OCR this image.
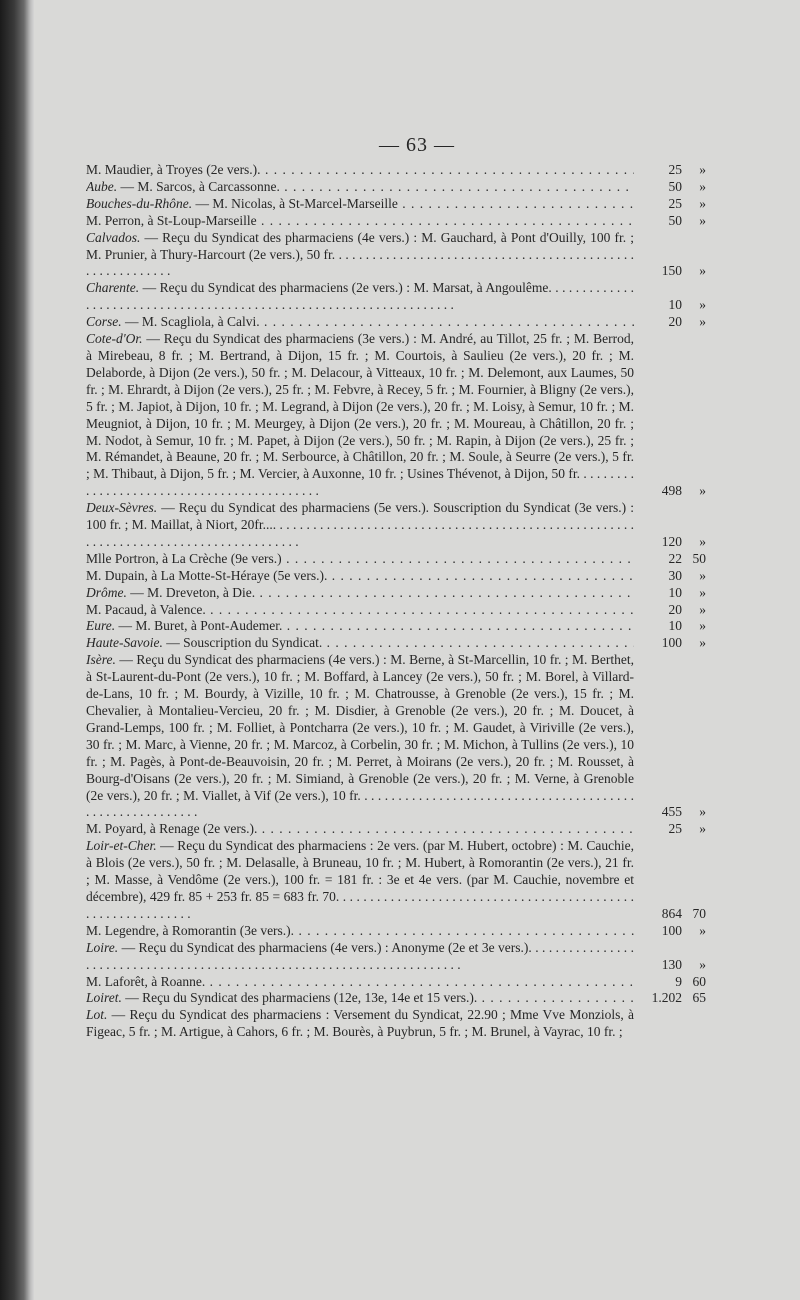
— 63 —
M. Maudier, à Troyes (2e vers.). . . .	25 »
Aube. — M. Sarcos, à Carcassonne. . . .	50 »
Bouches-du-Rhône. — M. Nicolas, à St-Marcel-Marseille . . .	25 »
M. Perron, à St-Loup-Marseille . . .	50 »
Calvados. — Reçu du Syndicat des pharmaciens (4e vers.) : M. Gauchard, à Pont d'Ouilly, 100 fr. ; M. Prunier, à Thury-Harcourt (2e vers.), 50 fr. . . . . . . . . . . . . . . . . . . . . . . . . . . . . . . . . . . . . . . . . . . . . . . . . . . . . . . . . .	150 »
Charente. — Reçu du Syndicat des pharmaciens (2e vers.) : M. Marsat, à Angoulême. . . . . . . . . . . . . . . . . . . . . . . . . . . . . . . . . . . . . . . . . . . . . . . . . . . . . . . . . . . . . . . . . . . .	10 »
Corse. — M. Scagliola, à Calvi. . . .	20 »
Cote-d'Or. — Reçu du Syndicat des pharmaciens (3e vers.) : M. André, au Tillot, 25 fr. ; M. Berrod, à Mirebeau, 8 fr. ; M. Bertrand, à Dijon, 15 fr. ; M. Courtois, à Saulieu (2e vers.), 20 fr. ; M. Delaborde, à Dijon (2e vers.), 50 fr. ; M. Delacour, à Vitteaux, 10 fr. ; M. Delemont, aux Laumes, 50 fr. ; M. Ehrardt, à Dijon (2e vers.), 25 fr. ; M. Febvre, à Recey, 5 fr. ; M. Fournier, à Bligny (2e vers.), 5 fr. ; M. Japiot, à Dijon, 10 fr. ; M. Legrand, à Dijon (2e vers.), 20 fr. ; M. Loisy, à Semur, 10 fr. ; M. Meugniot, à Dijon, 10 fr. ; M. Meurgey, à Dijon (2e vers.), 20 fr. ; M. Moureau, à Châtillon, 20 fr. ; M. Nodot, à Semur, 10 fr. ; M. Papet, à Dijon (2e vers.), 50 fr. ; M. Rapin, à Dijon (2e vers.), 25 fr. ; M. Rémandet, à Beaune, 20 fr. ; M. Serbource, à Châtillon, 20 fr. ; M. Soule, à Seurre (2e vers.), 5 fr. ; M. Thibaut, à Dijon, 5 fr. ; M. Vercier, à Auxonne, 10 fr. ; Usines Thévenot, à Dijon, 50 fr. . . . . . . . . . . . . . . . . . . . . . . . . . . . . . . . . . . . . . . . . . . .	498 »
Deux-Sèvres. — Reçu du Syndicat des pharmaciens (5e vers.). Souscription du Syndicat (3e vers.) : 100 fr. ; M. Maillat, à Niort, 20fr.... . . . . . . . . . . . . . . . . . . . . . . . . . . . . . . . . . . . . . . . . . . . . . . . . . . . . . . . . . . . . . . . . . . . . . . . . . . . . . . . . . . . . .	120 »
Mlle Portron, à La Crèche (9e vers.) . . .	22 50
M. Dupain, à La Motte-St-Héraye (5e vers.). . . .	30 »
Drôme. — M. Dreveton, à Die. . . .	10 »
M. Pacaud, à Valence. . . .	20 »
Eure. — M. Buret, à Pont-Audemer. . . .	10 »
Haute-Savoie. — Souscription du Syndicat. . . .	100 »
Isère. — Reçu du Syndicat des pharmaciens (4e vers.) : M. Berne, à St-Marcellin, 10 fr. ; M. Berthet, à St-Laurent-du-Pont (2e vers.), 10 fr. ; M. Boffard, à Lancey (2e vers.), 50 fr. ; M. Borel, à Villard-de-Lans, 10 fr. ; M. Bourdy, à Vizille, 10 fr. ; M. Chatrousse, à Grenoble (2e vers.), 15 fr. ; M. Chevalier, à Montalieu-Vercieu, 20 fr. ; M. Disdier, à Grenoble (2e vers.), 20 fr. ; M. Doucet, à Grand-Lemps, 100 fr. ; M. Folliet, à Pontcharra (2e vers.), 10 fr. ; M. Gaudet, à Viriville (2e vers.), 30 fr. ; M. Marc, à Vienne, 20 fr. ; M. Marcoz, à Corbelin, 30 fr. ; M. Michon, à Tullins (2e vers.), 10 fr. ; M. Pagès, à Pont-de-Beauvoisin, 20 fr. ; M. Perret, à Moirans (2e vers.), 20 fr. ; M. Rousset, à Bourg-d'Oisans (2e vers.), 20 fr. ; M. Simiand, à Grenoble (2e vers.), 20 fr. ; M. Verne, à Grenoble (2e vers.), 20 fr. ; M. Viallet, à Vif (2e vers.), 10 fr. . . . . . . . . . . . . . . . . . . . . . . . . . . . . . . . . . . . . . . . . . . . . . . . . . . . . . . . . .	455 »
M. Poyard, à Renage (2e vers.). . . .	25 »
Loir-et-Cher. — Reçu du Syndicat des pharmaciens : 2e vers. (par M. Hubert, octobre) : M. Cauchie, à Blois (2e vers.), 50 fr. ; M. Delasalle, à Bruneau, 10 fr. ; M. Hubert, à Romorantin (2e vers.), 21 fr. ; M. Masse, à Vendôme (2e vers.), 100 fr. = 181 fr. : 3e et 4e vers. (par M. Cauchie, novembre et décembre), 429 fr. 85 + 253 fr. 85 = 683 fr. 70. . . . . . . . . . . . . . . . . . . . . . . . . . . . . . . . . . . . . . . . . . . . . . . . . . . . . . . . . . . .	864 70
M. Legendre, à Romorantin (3e vers.). . . .	100 »
Loire. — Reçu du Syndicat des pharmaciens (4e vers.) : Anonyme (2e et 3e vers.). . . . . . . . . . . . . . . . . . . . . . . . . . . . . . . . . . . . . . . . . . . . . . . . . . . . . . . . . . . . . . . . . . . . . . . .	130 »
M. Laforêt, à Roanne. . . .	9 60
Loiret. — Reçu du Syndicat des pharmaciens (12e, 13e, 14e et 15 vers.). . . .	1.202 65
Lot. — Reçu du Syndicat des pharmaciens : Versement du Syndicat, 22.90 ; Mme Vve Monziols, à Figeac, 5 fr. ; M. Artigue, à Cahors, 6 fr. ; M. Bourès, à Puybrun, 5 fr. ; M. Brunel, à Vayrac, 10 fr. ;
